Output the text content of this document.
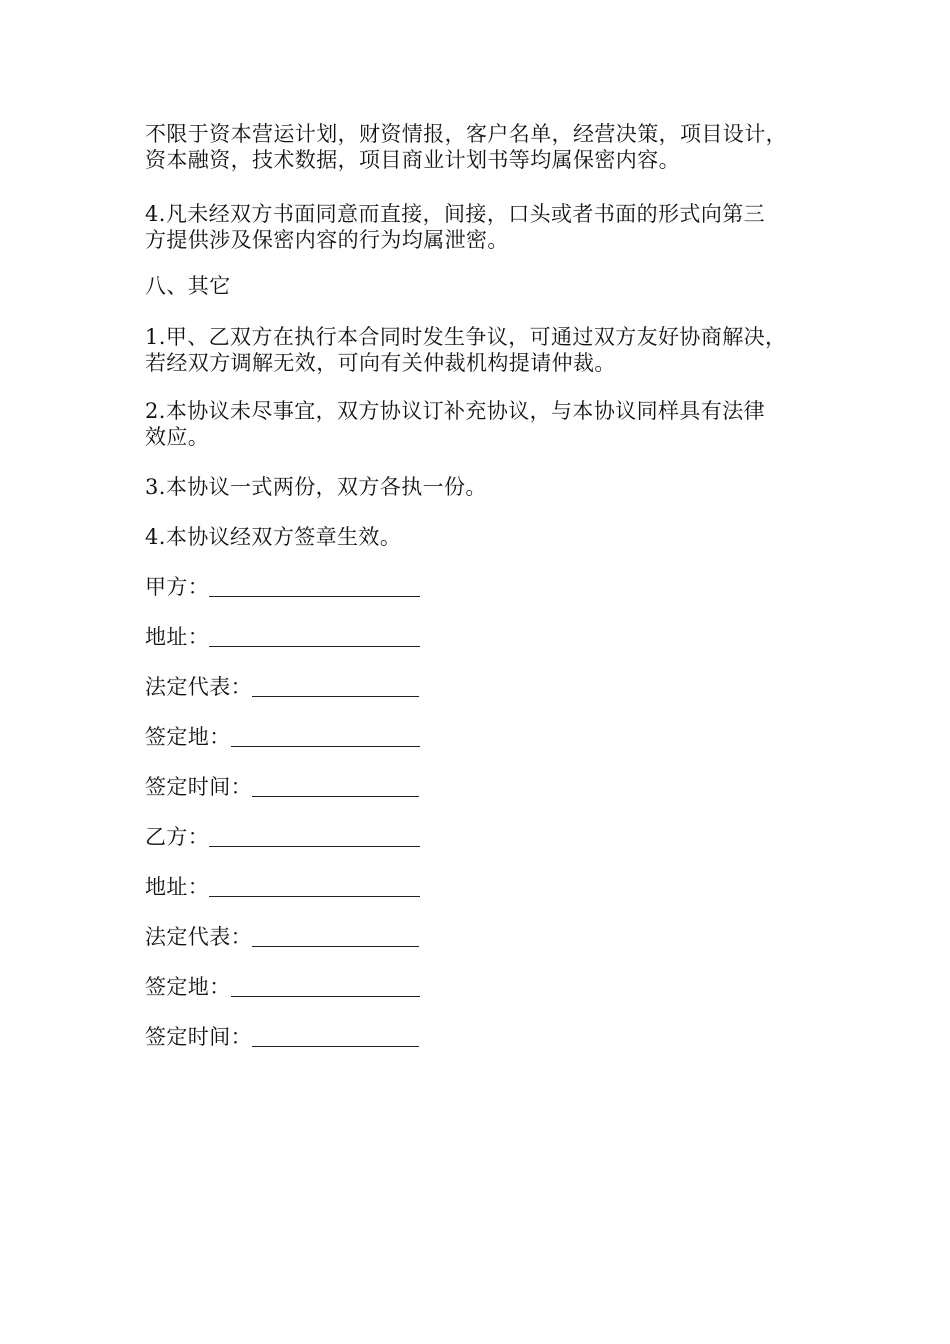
不限于资本营运计划，财资情报，客户名单，经营决策，项目设计，
资本融资，技术数据，项目商业计划书等均属保密内容。

4.凡未经双方书面同意而直接，间接，口头或者书面的形式向第三
方提供涉及保密内容的行为均属泄密。

八、其它

1.甲、乙双方在执行本合同时发生争议，可通过双方友好协商解决，
若经双方调解无效，可向有关仲裁机构提请仲裁。

2.本协议未尽事宜，双方协议订补充协议，与本协议同样具有法律
效应。

3.本协议一式两份，双方各执一份。

4.本协议经双方签章生效。

甲方：
地址：
法定代表：
签定地：
签定时间：
乙方：
地址：
法定代表：
签定地：
签定时间：
